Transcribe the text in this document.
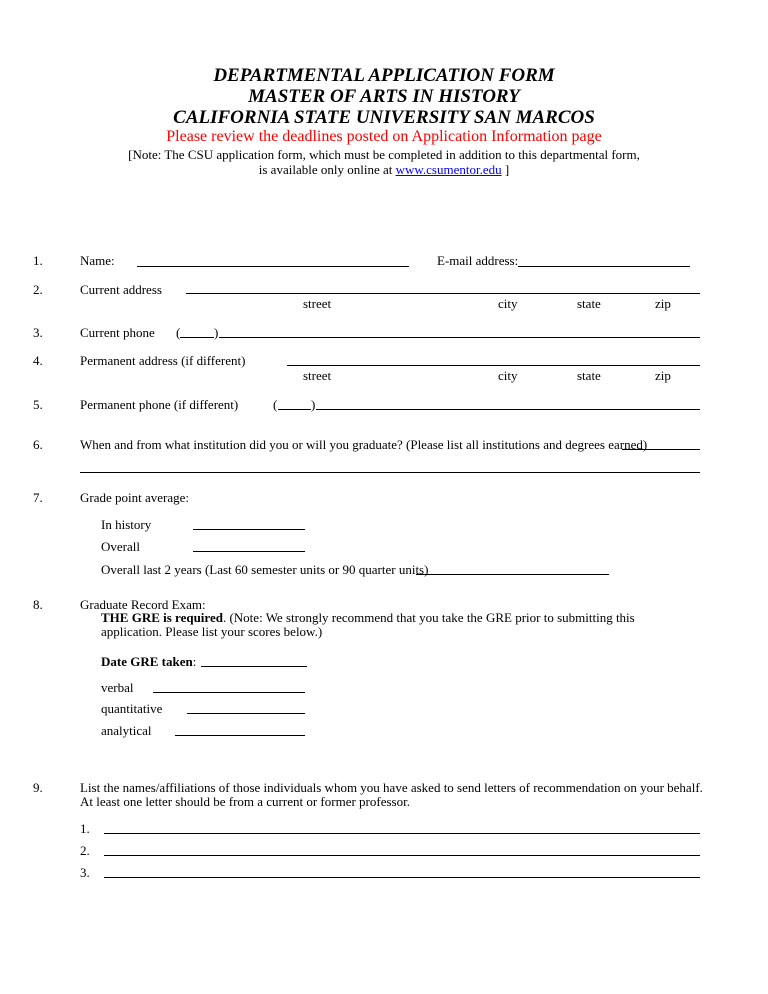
DEPARTMENTAL APPLICATION FORM
MASTER OF ARTS IN HISTORY
CALIFORNIA STATE UNIVERSITY SAN MARCOS
Please review the deadlines posted on Application Information page
[Note: The CSU application form, which must be completed in addition to this departmental form,
is available only online at www.csumentor.edu ]
1.	Name:	E-mail address:
2.	Current address
street	city	state	zip
3.	Current phone (	)
4.	Permanent address (if different)
street	city	state	zip
5.	Permanent phone (if different)	(	)
6.	When and from what institution did you or will you graduate? (Please list all institutions and degrees earned)
7.	Grade point average:
In history
Overall
Overall last 2 years (Last 60 semester units or 90 quarter units)
8.	Graduate Record Exam:
THE GRE is required. (Note: We strongly recommend that you take the GRE prior to submitting this
application. Please list your scores below.)
Date GRE taken:
verbal
quantitative
analytical
9.	List the names/affiliations of those individuals whom you have asked to send letters of recommendation on your behalf.
At least one letter should be from a current or former professor.
1.
2.
3.
